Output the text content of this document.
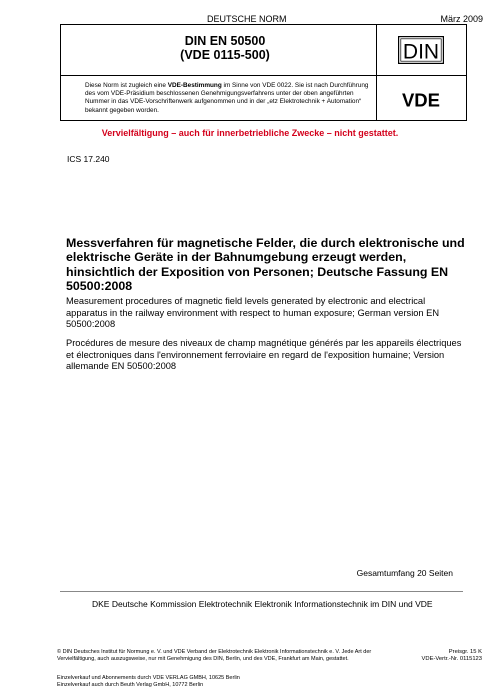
DEUTSCHE NORM	März 2009
DIN EN 50500
(VDE 0115-500)	DIN
VDE
Diese Norm ist zugleich eine VDE-Bestimmung im Sinne von VDE 0022. Sie ist nach Durchführung des vom VDE-Präsidium beschlossenen Genehmigungsverfahrens unter der oben angeführten Nummer in das VDE-Vorschriftenwerk aufgenommen und in der „etz Elektrotechnik + Automation“ bekannt gegeben worden.
Vervielfältigung – auch für innerbetriebliche Zwecke – nicht gestattet.
ICS 17.240
Messverfahren für magnetische Felder, die durch elektronische und elektrische Geräte in der Bahnumgebung erzeugt werden, hinsichtlich der Exposition von Personen; Deutsche Fassung EN 50500:2008
Measurement procedures of magnetic field levels generated by electronic and electrical apparatus in the railway environment with respect to human exposure; German version EN 50500:2008
Procédures de mesure des niveaux de champ magnétique générés par les appareils électriques et électroniques dans l'environnement ferroviaire en regard de l'exposition humaine; Version allemande EN 50500:2008
Gesamtumfang 20 Seiten
DKE Deutsche Kommission Elektrotechnik Elektronik Informationstechnik im DIN und VDE
© DIN Deutsches Institut für Normung e. V. und VDE Verband der Elektrotechnik Elektronik Informationstechnik e. V. Jede Art der Vervielfältigung, auch auszugsweise, nur mit Genehmigung des DIN, Berlin, und des VDE, Frankfurt am Main, gestattet.
Einzelverkauf und Abonnements durch VDE VERLAG GMBH, 10625 Berlin
Einzelverkauf auch durch Beuth Verlag GmbH, 10772 Berlin
Preisgr. 15 K
VDE-Vertr.-Nr. 0115123
